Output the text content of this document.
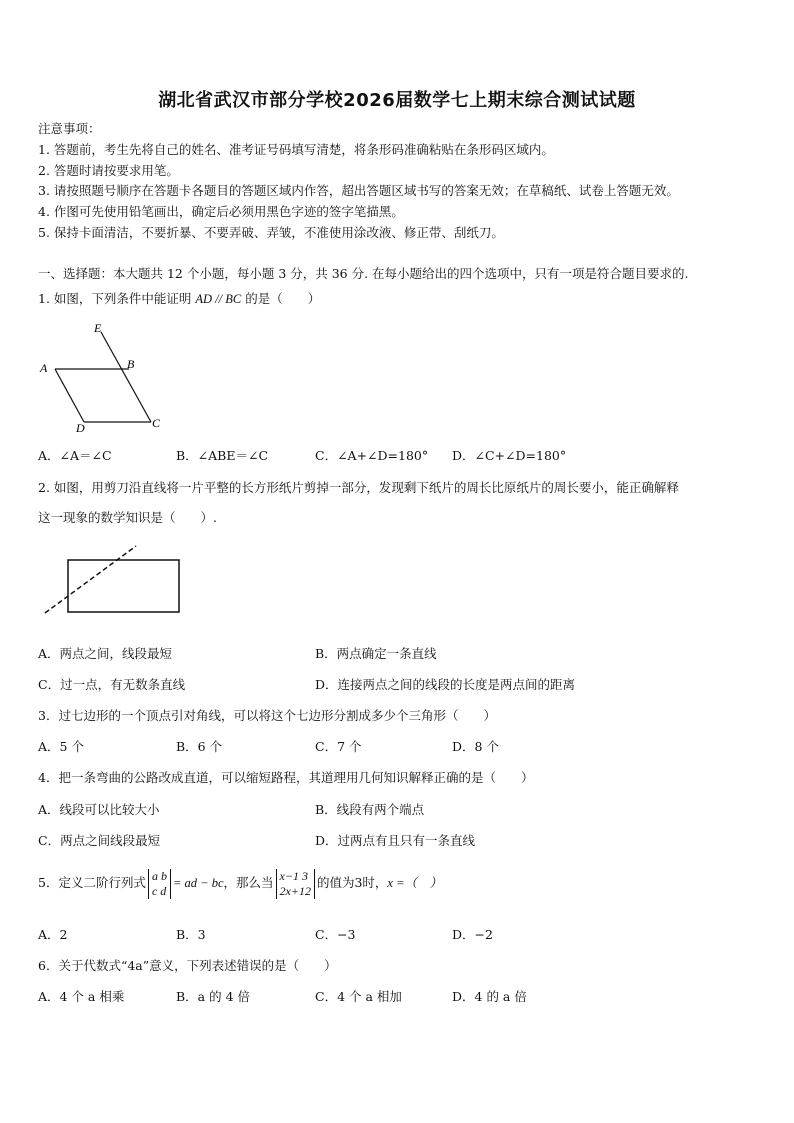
湖北省武汉市部分学校2026届数学七上期末综合测试试题
注意事项：
1. 答题前，考生先将自己的姓名、准考证号码填写清楚，将条形码准确粘贴在条形码区域内。
2. 答题时请按要求用笔。
3. 请按照题号顺序在答题卡各题目的答题区域内作答，超出答题区域书写的答案无效；在草稿纸、试卷上答题无效。
4. 作图可先使用铅笔画出，确定后必须用黑色字迹的签字笔描黑。
5. 保持卡面清洁，不要折暴、不要弄破、弄皱，不准使用涂改液、修正带、刮纸刀。
一、选择题：本大题共 12 个小题，每小题 3 分，共 36 分. 在每小题给出的四个选项中，只有一项是符合题目要求的.
1. 如图，下列条件中能证明 AD // BC 的是（　　）
E
B
A
D	C
A．∠A＝∠C	B．∠ABE＝∠C	C．∠A+∠D=180° D．∠C+∠D=180°
2. 如图，用剪刀沿直线将一片平整的长方形纸片剪掉一部分，发现剩下纸片的周长比原纸片的周长要小，能正确解释
这一现象的数学知识是（　　）.
A．两点之间，线段最短	B．两点确定一条直线
C．过一点，有无数条直线	D．连接两点之间的线段的长度是两点间的距离
3．过七边形的一个顶点引对角线，可以将这个七边形分割成多少个三角形（　　）
A．5 个	B．6 个	C．7 个	D．8 个
4．把一条弯曲的公路改成直道，可以缩短路程，其道理用几何知识解释正确的是（　　）
A．线段可以比较大小	B．线段有两个端点
C．两点之间线段最短	D．过两点有且只有一条直线
5．定义二阶行列式 a b
c d
= ad − bc，那么当 x−1 3
2x+12
的值为3时，x =（　）
A．2	B．3	C．−3	D．−2
6．关于代数式“4a”意义，下列表述错误的是（　　）
A．4 个 a 相乘	B．a 的 4 倍	C．4 个 a 相加	D．4 的 a 倍
